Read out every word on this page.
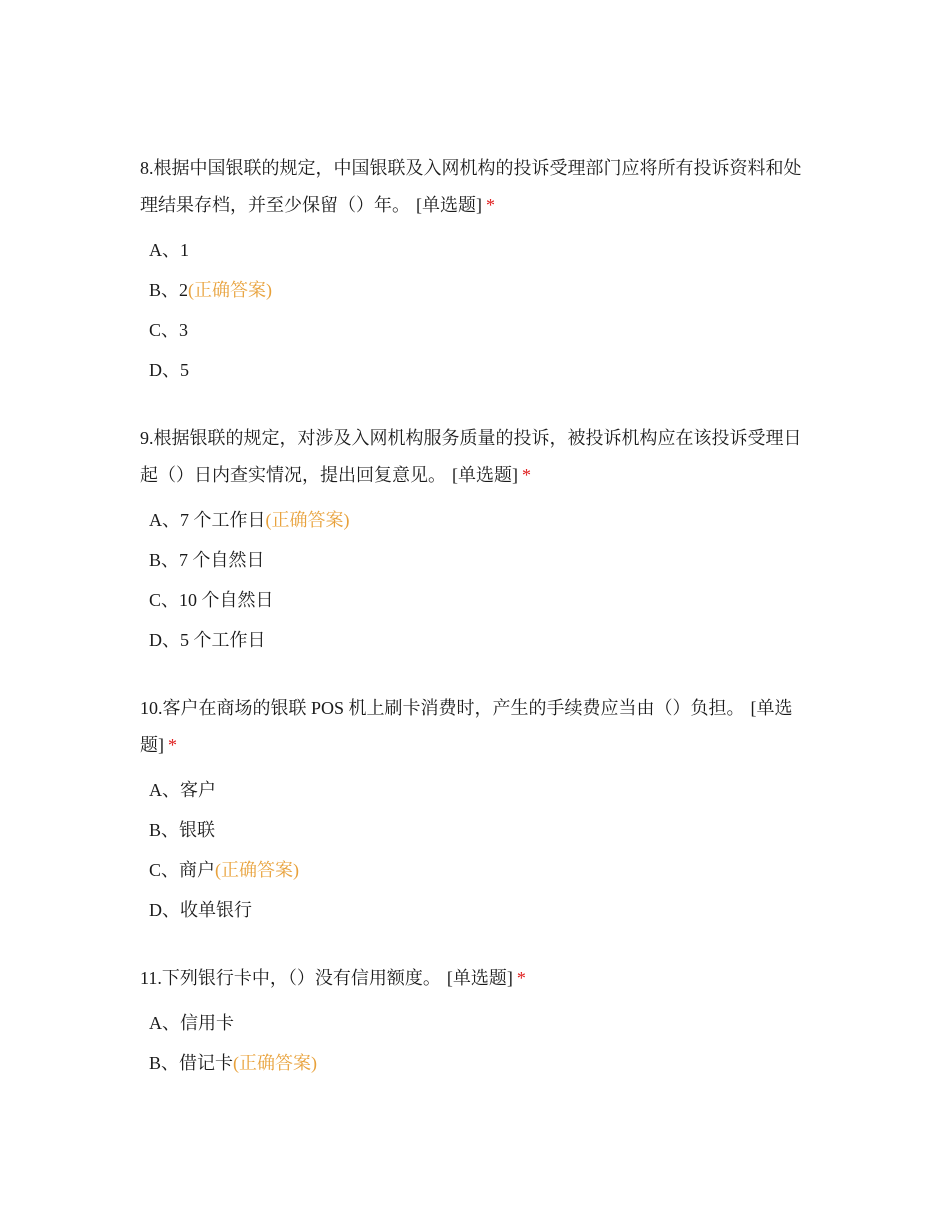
8.根据中国银联的规定，中国银联及入网机构的投诉受理部门应将所有投诉资料和处理结果存档，并至少保留（）年。 [单选题] *

A、1
B、2(正确答案)
C、3
D、5

9.根据银联的规定，对涉及入网机构服务质量的投诉，被投诉机构应在该投诉受理日起（）日内查实情况，提出回复意见。 [单选题] *

A、7 个工作日(正确答案)
B、7 个自然日
C、10 个自然日
D、5 个工作日

10.客户在商场的银联 POS 机上刷卡消费时，产生的手续费应当由（）负担。 [单选题] *

A、客户
B、银联
C、商户(正确答案)
D、收单银行

11.下列银行卡中，（）没有信用额度。 [单选题] *

A、信用卡
B、借记卡(正确答案)
